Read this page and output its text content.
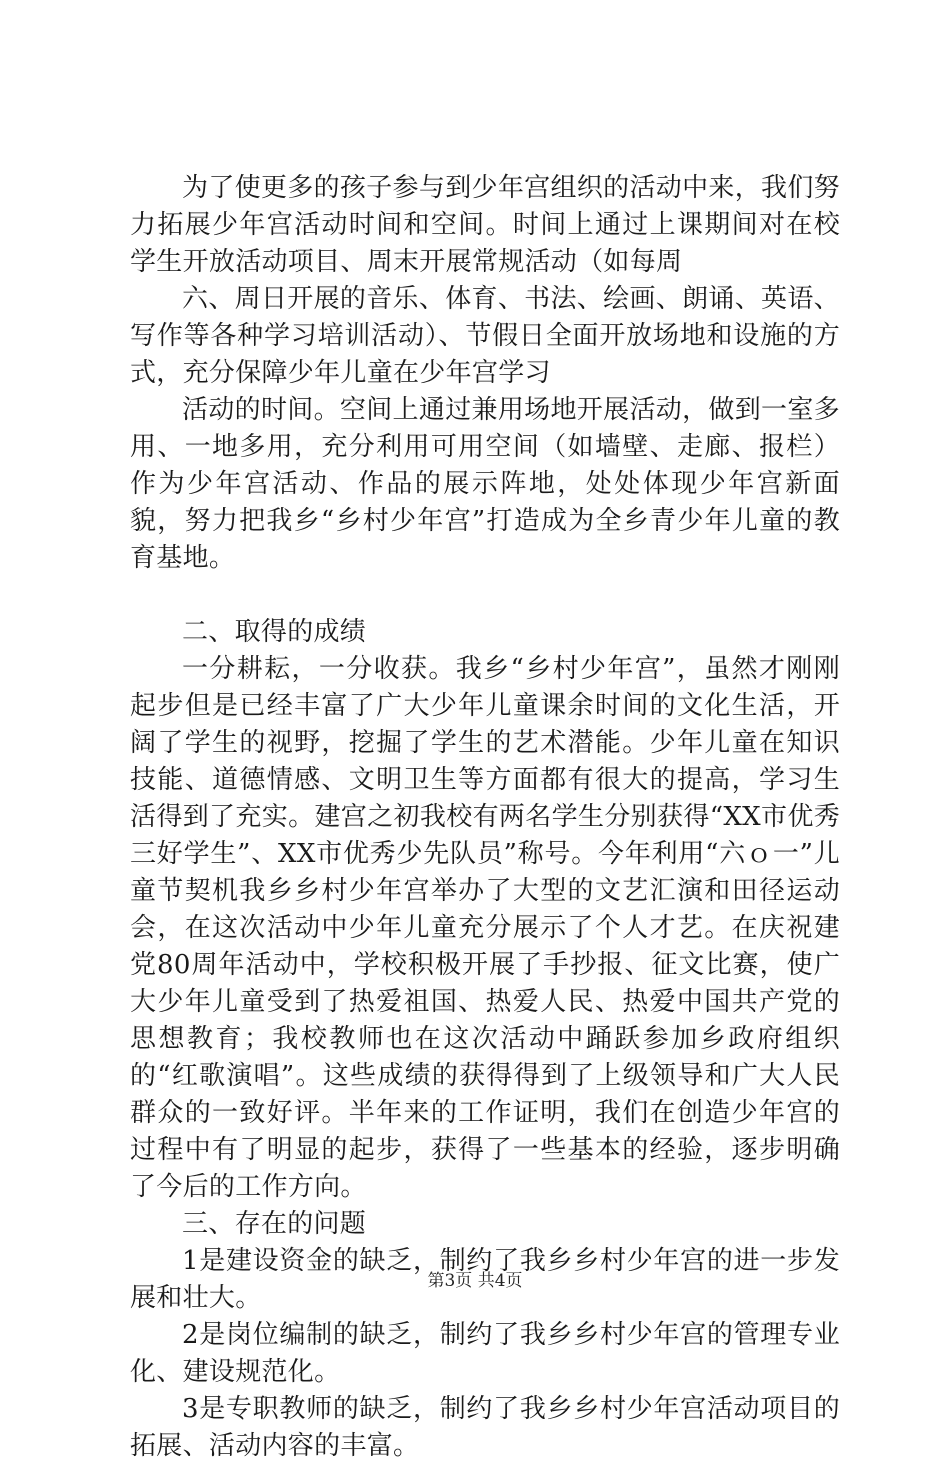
为了使更多的孩子参与到少年宫组织的活动中来，我们努力拓展少年宫活动时间和空间。时间上通过上课期间对在校学生开放活动项目、周末开展常规活动（如每周

六、周日开展的音乐、体育、书法、绘画、朗诵、英语、写作等各种学习培训活动）、节假日全面开放场地和设施的方式，充分保障少年儿童在少年宫学习

活动的时间。空间上通过兼用场地开展活动，做到一室多用、一地多用，充分利用可用空间（如墙壁、走廊、报栏）作为少年宫活动、作品的展示阵地，处处体现少年宫新面貌，努力把我乡“乡村少年宫”打造成为全乡青少年儿童的教育基地。

二、取得的成绩

一分耕耘，一分收获。我乡“乡村少年宫”，虽然才刚刚起步但是已经丰富了广大少年儿童课余时间的文化生活，开阔了学生的视野，挖掘了学生的艺术潜能。少年儿童在知识技能、道德情感、文明卫生等方面都有很大的提高，学习生活得到了充实。建宫之初我校有两名学生分别获得“XX市优秀三好学生”、XX市优秀少先队员”称号。今年利用“六ｏ一”儿童节契机我乡乡村少年宫举办了大型的文艺汇演和田径运动会，在这次活动中少年儿童充分展示了个人才艺。在庆祝建党80周年活动中，学校积极开展了手抄报、征文比赛，使广大少年儿童受到了热爱祖国、热爱人民、热爱中国共产党的思想教育；我校教师也在这次活动中踊跃参加乡政府组织的“红歌演唱”。这些成绩的获得得到了上级领导和广大人民群众的一致好评。半年来的工作证明，我们在创造少年宫的过程中有了明显的起步，获得了一些基本的经验，逐步明确了今后的工作方向。

三、存在的问题

1是建设资金的缺乏，制约了我乡乡村少年宫的进一步发展和壮大。

2是岗位编制的缺乏，制约了我乡乡村少年宫的管理专业化、建设规范化。

3是专职教师的缺乏，制约了我乡乡村少年宫活动项目的拓展、活动内容的丰富。

第3页 共4页
